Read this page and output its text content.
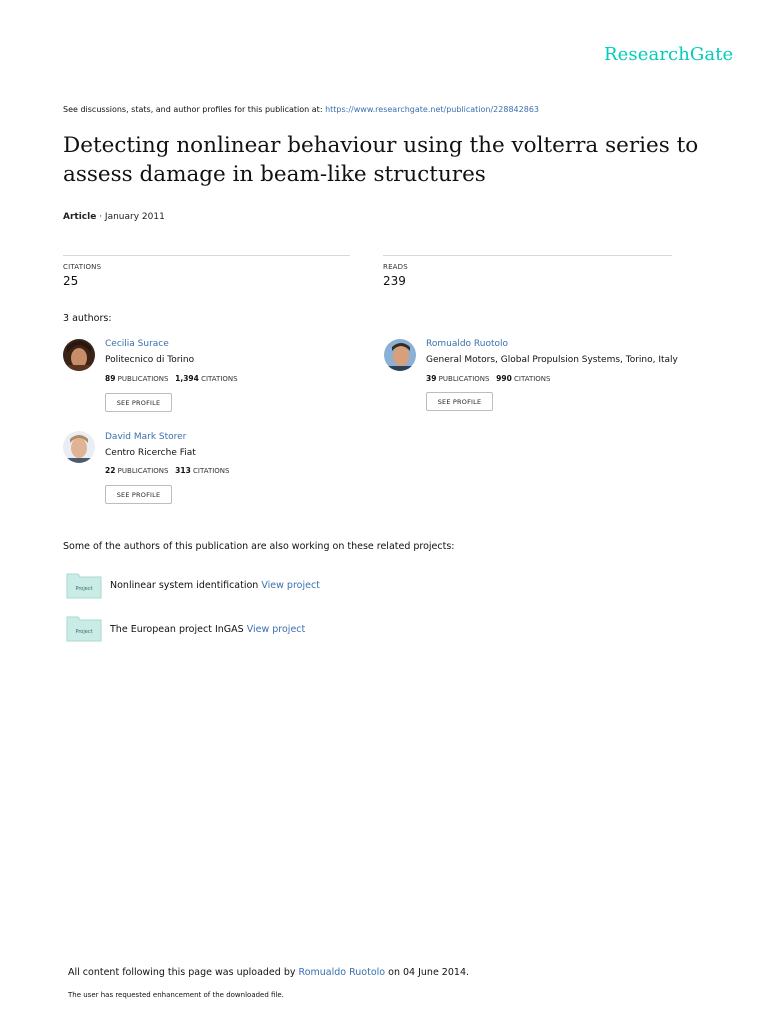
ResearchGate
See discussions, stats, and author profiles for this publication at: https://www.researchgate.net/publication/228842863
Detecting nonlinear behaviour using the volterra series to assess damage in beam-like structures
Article · January 2011
CITATIONS
25
READS
239
3 authors:
Cecilia Surace
Politecnico di Torino
89 PUBLICATIONS 1,394 CITATIONS
SEE PROFILE
Romualdo Ruotolo
General Motors, Global Propulsion Systems, Torino, Italy
39 PUBLICATIONS 990 CITATIONS
SEE PROFILE
David Mark Storer
Centro Ricerche Fiat
22 PUBLICATIONS 313 CITATIONS
SEE PROFILE
Some of the authors of this publication are also working on these related projects:
Project Nonlinear system identification View project
Project The European project InGAS View project
All content following this page was uploaded by Romualdo Ruotolo on 04 June 2014.
The user has requested enhancement of the downloaded file.
